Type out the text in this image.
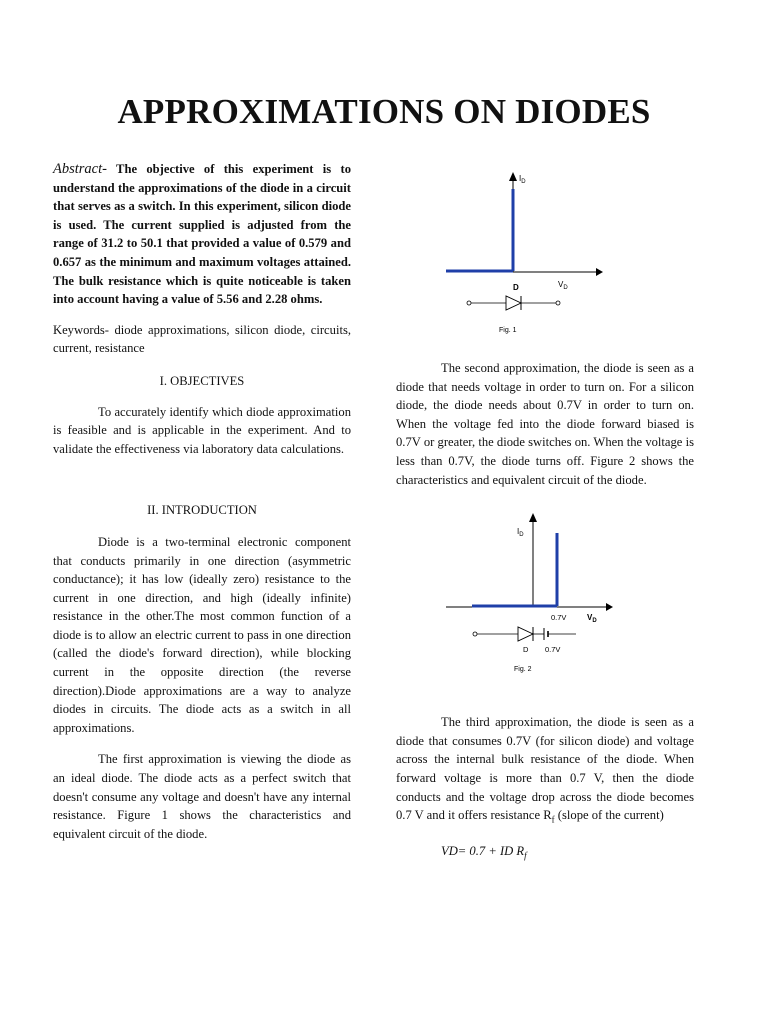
APPROXIMATIONS ON DIODES

Abstract- The objective of this experiment is to understand the approximations of the diode in a circuit that serves as a switch. In this experiment, silicon diode is used. The current supplied is adjusted from the range of 31.2 to 50.1 that provided a value of 0.579 and 0.657 as the minimum and maximum voltages attained. The bulk resistance which is quite noticeable is taken into account having a value of 5.56 and 2.28 ohms.

Keywords- diode approximations, silicon diode, circuits, current, resistance

I. OBJECTIVES

To accurately identify which diode approximation is feasible and is applicable in the experiment. And to validate the effectiveness via laboratory data calculations.

II. INTRODUCTION

Diode is a two-terminal electronic component that conducts primarily in one direction (asymmetric conductance); it has low (ideally zero) resistance to the current in one direction, and high (ideally infinite) resistance in the other.The most common function of a diode is to allow an electric current to pass in one direction (called the diode's forward direction), while blocking current in the opposite direction (the reverse direction).Diode approximations are a way to analyze diodes in circuits. The diode acts as a switch in all approximations.

The first approximation is viewing the diode as an ideal diode. The diode acts as a perfect switch that doesn't consume any voltage and doesn't have any internal resistance. Figure 1 shows the characteristics and equivalent circuit of the diode.

$I_D$
$V_D$
D
Fig. 1

The second approximation, the diode is seen as a diode that needs voltage in order to turn on. For a silicon diode, the diode needs about 0.7V in order to turn on. When the voltage fed into the diode forward biased is 0.7V or greater, the diode switches on. When the voltage is less than 0.7V, the diode turns off. Figure 2 shows the characteristics and equivalent circuit of the diode.

$I_D$
0.7V	$V_D$
D 0.7V
Fig. 2

The third approximation, the diode is seen as a diode that consumes 0.7V (for silicon diode) and voltage across the internal bulk resistance of the diode. When forward voltage is more than 0.7 V, then the diode conducts and the voltage drop across the diode becomes 0.7 V and it offers resistance $R_f$ (slope of the current)

VD= 0.7 + ID $R_f$
